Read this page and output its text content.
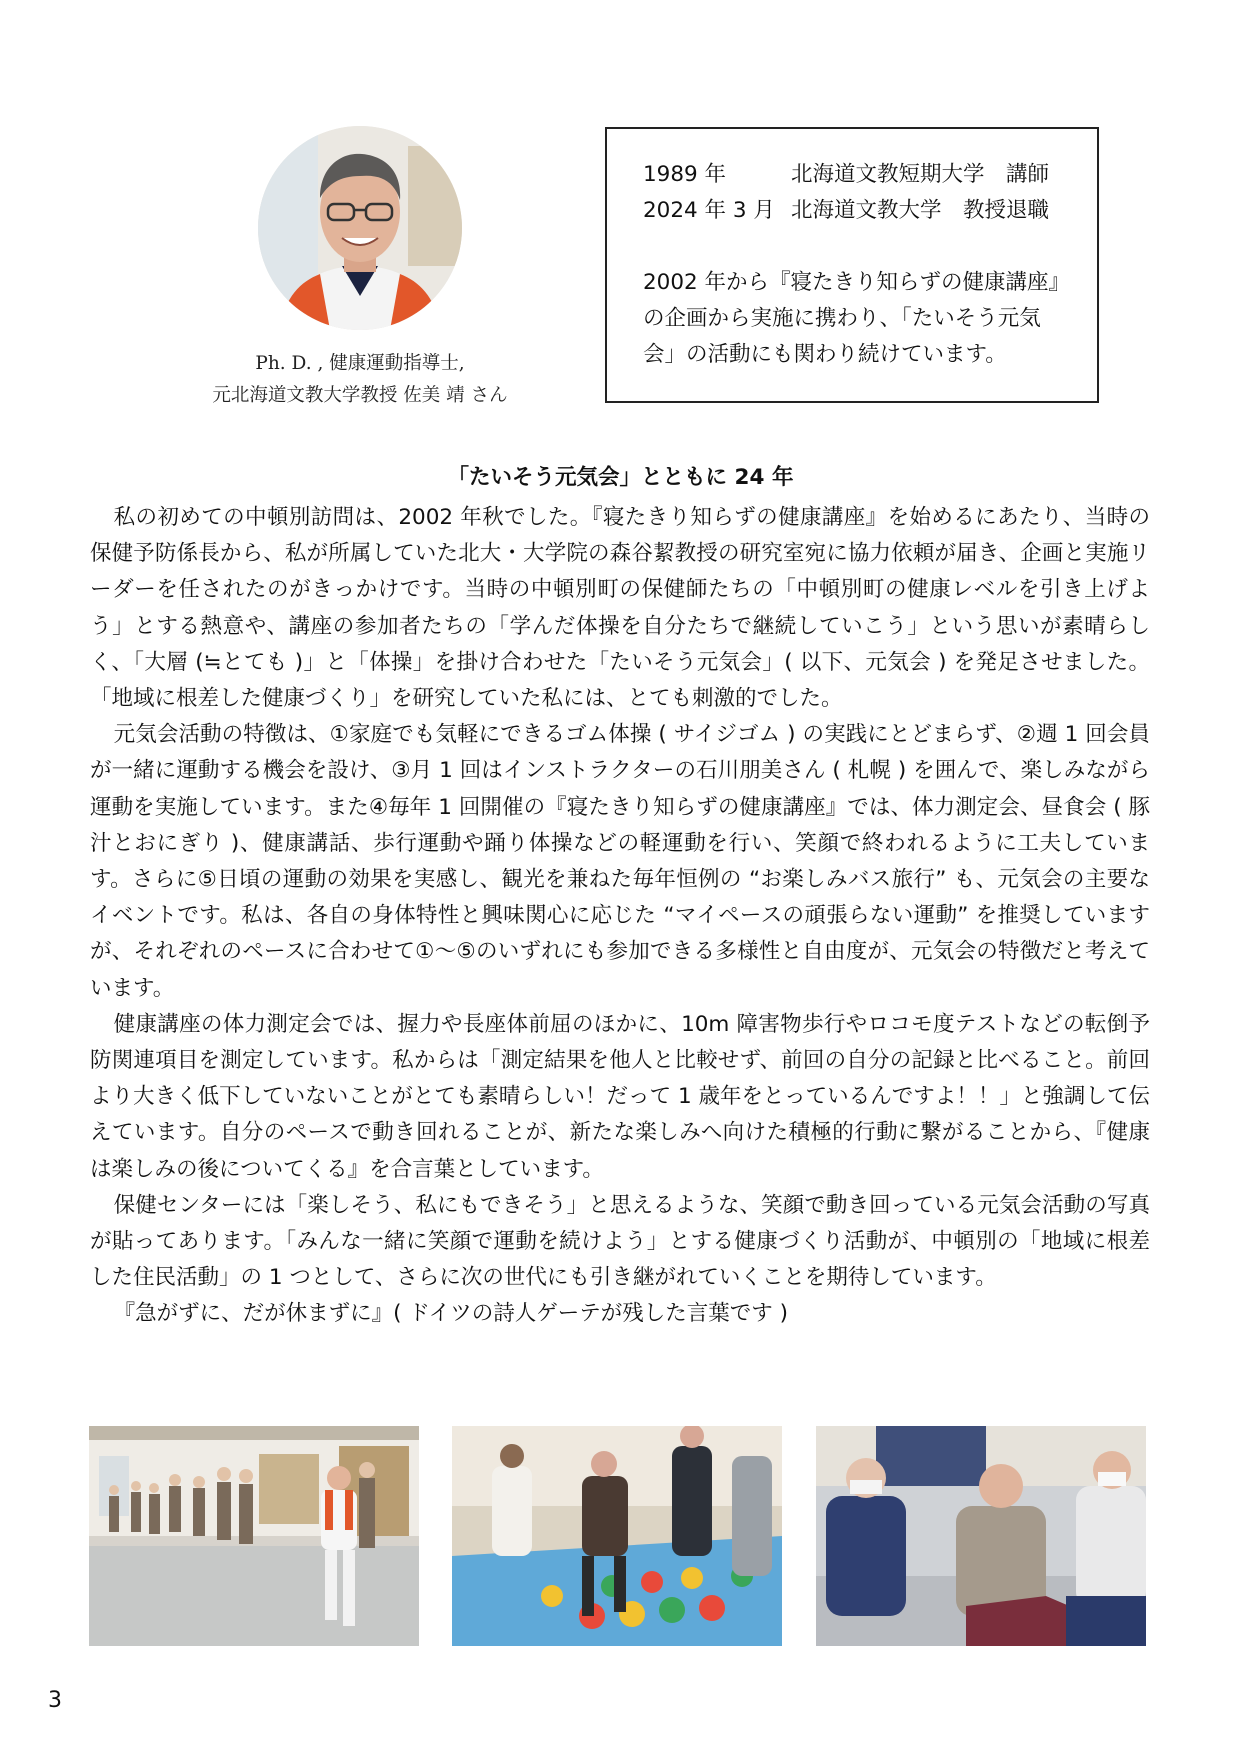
Ph. D. , 健康運動指導士,
元北海道文教大学教授 佐美 靖 さん
1989 年	北海道文教短期大学　講師
2024 年 3 月 北海道文教大学　教授退職
2002 年から『寝たきり知らずの健康講座』の企画から実施に携わり、「たいそう元気会」の活動にも関わり続けています。
「たいそう元気会」とともに 24 年

私の初めての中頓別訪問は、2002 年秋でした。『寝たきり知らずの健康講座』を始めるにあたり、当時の保健予防係長から、私が所属していた北大・大学院の森谷絜教授の研究室宛に協力依頼が届き、企画と実施リーダーを任されたのがきっかけです。当時の中頓別町の保健師たちの「中頓別町の健康レベルを引き上げよう」とする熱意や、講座の参加者たちの「学んだ体操を自分たちで継続していこう」という思いが素晴らしく、「大層 (≒とても )」と「体操」を掛け合わせた「たいそう元気会」( 以下、元気会 ) を発足させました。「地域に根差した健康づくり」を研究していた私には、とても刺激的でした。

元気会活動の特徴は、①家庭でも気軽にできるゴム体操 ( サイジゴム ) の実践にとどまらず、②週 1 回会員が一緒に運動する機会を設け、③月 1 回はインストラクターの石川朋美さん ( 札幌 ) を囲んで、楽しみながら運動を実施しています。また④毎年 1 回開催の『寝たきり知らずの健康講座』では、体力測定会、昼食会 ( 豚汁とおにぎり )、健康講話、歩行運動や踊り体操などの軽運動を行い、笑顔で終われるように工夫しています。さらに⑤日頃の運動の効果を実感し、観光を兼ねた毎年恒例の “お楽しみバス旅行” も、元気会の主要なイベントです。私は、各自の身体特性と興味関心に応じた “マイペースの頑張らない運動” を推奨していますが、それぞれのペースに合わせて①～⑤のいずれにも参加できる多様性と自由度が、元気会の特徴だと考えています。

健康講座の体力測定会では、握力や長座体前屈のほかに、10m 障害物歩行やロコモ度テストなどの転倒予防関連項目を測定しています。私からは「測定結果を他人と比較せず、前回の自分の記録と比べること。前回より大きく低下していないことがとても素晴らしい！だって 1 歳年をとっているんですよ！！」と強調して伝えています。自分のペースで動き回れることが、新たな楽しみへ向けた積極的行動に繋がることから、『健康は楽しみの後についてくる』を合言葉としています。

保健センターには「楽しそう、私にもできそう」と思えるような、笑顔で動き回っている元気会活動の写真が貼ってあります。「みんな一緒に笑顔で運動を続けよう」とする健康づくり活動が、中頓別の「地域に根差した住民活動」の 1 つとして、さらに次の世代にも引き継がれていくことを期待しています。

『急がずに、だが休まずに』( ドイツの詩人ゲーテが残した言葉です )

3
